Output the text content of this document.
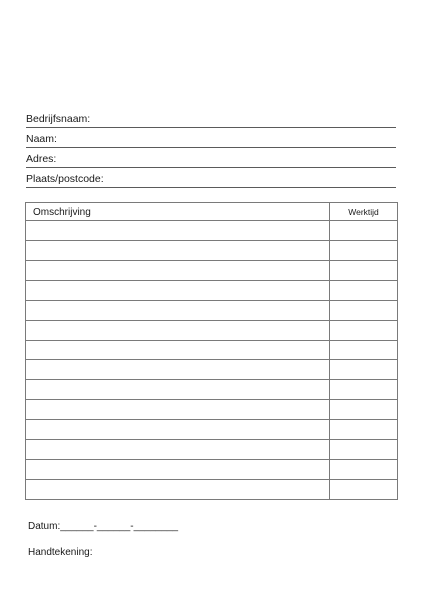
Bedrijfsnaam:
Naam:
Adres:
Plaats/postcode:
Omschrijving	Werktijd
Datum:______-______-________
Handtekening:
